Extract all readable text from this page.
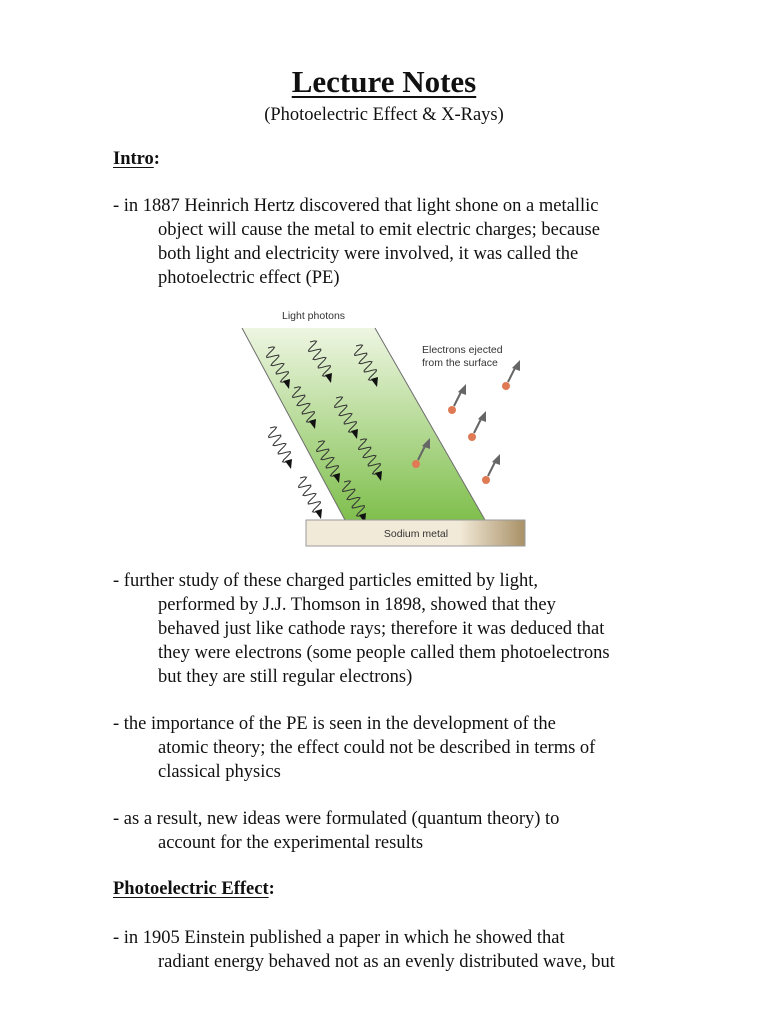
Lecture Notes
(Photoelectric Effect & X-Rays)
Intro:
- in 1887 Heinrich Hertz discovered that light shone on a metallic
object will cause the metal to emit electric charges; because
both light and electricity were involved, it was called the
photoelectric effect (PE)
Light photons
Electrons ejected
from the surface
Sodium metal
- further study of these charged particles emitted by light,
performed by J.J. Thomson in 1898, showed that they
behaved just like cathode rays; therefore it was deduced that
they were electrons (some people called them photoelectrons
but they are still regular electrons)
- the importance of the PE is seen in the development of the
atomic theory; the effect could not be described in terms of
classical physics
- as a result, new ideas were formulated (quantum theory) to
account for the experimental results
Photoelectric Effect:
- in 1905 Einstein published a paper in which he showed that
radiant energy behaved not as an evenly distributed wave, but
